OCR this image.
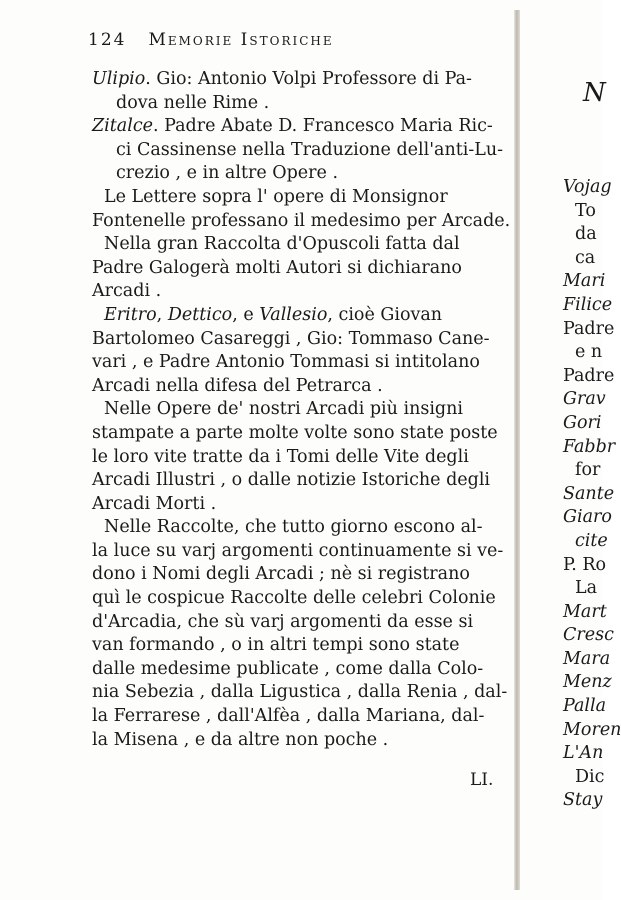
124 Memorie Istoriche
Ulipio. Gio: Antonio Volpi Professore di Pa-
dova nelle Rime .
Zitalce. Padre Abate D. Francesco Maria Ric-
ci Cassinense nella Traduzione dell'anti-Lu-
crezio , e in altre Opere .
Le Lettere sopra l' opere di Monsignor
Fontenelle professano il medesimo per Arcade.
Nella gran Raccolta d'Opuscoli fatta dal
Padre Galogerà molti Autori si dichiarano
Arcadi .
Eritro, Dettico, e Vallesio, cioè Giovan
Bartolomeo Casareggi , Gio: Tommaso Cane-
vari , e Padre Antonio Tommasi si intitolano
Arcadi nella difesa del Petrarca .
Nelle Opere de' nostri Arcadi più insigni
stampate a parte molte volte sono state poste
le loro vite tratte da i Tomi delle Vite degli
Arcadi Illustri , o dalle notizie Istoriche degli
Arcadi Morti .
Nelle Raccolte, che tutto giorno escono al-
la luce su varj argomenti continuamente si ve-
dono i Nomi degli Arcadi ; nè si registrano
quì le cospicue Raccolte delle celebri Colonie
d'Arcadia, che sù varj argomenti da esse si
van formando , o in altri tempi sono state
dalle medesime publicate , come dalla Colo-
nia Sebezia , dalla Ligustica , dalla Renia , dal-
la Ferrarese , dall'Alfèa , dalla Mariana, dal-
la Misena , e da altre non poche .
LI.
N
Vojag
To
da
ca
Mari
Filice
Padre
e n
Padre
Grav
Gori
Fabbr
for
Sante
Giaro
cite
P. Ro
La
Mart
Cresc
Mara
Menz
Palla
Moren
L'An
Dic
Stay
